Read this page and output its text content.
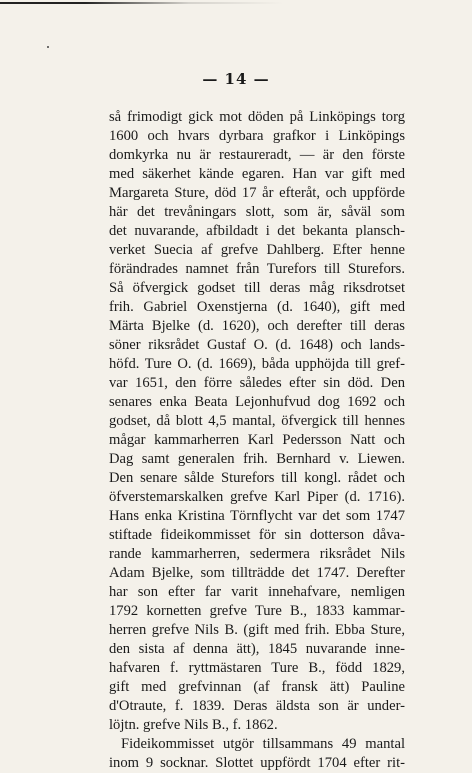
— 14 —
så frimodigt gick mot döden på Linköpings torg
1600 och hvars dyrbara grafkor i Linköpings
domkyrka nu är restaureradt, — är den förste
med säkerhet kände egaren. Han var gift med
Margareta Sture, död 17 år efteråt, och uppförde
här det trevåningars slott, som är, såväl som
det nuvarande, afbildadt i det bekanta plansch-
verket Suecia af grefve Dahlberg. Efter henne
förändrades namnet från Turefors till Sturefors.
Så öfvergick godset till deras måg riksdrotset
frih. Gabriel Oxenstjerna (d. 1640), gift med
Märta Bjelke (d. 1620), och derefter till deras
söner riksrådet Gustaf O. (d. 1648) och lands-
höfd. Ture O. (d. 1669), båda upphöjda till gref-
var 1651, den förre således efter sin död. Den
senares enka Beata Lejonhufvud dog 1692 och
godset, då blott 4,5 mantal, öfvergick till hennes
mågar kammarherren Karl Pedersson Natt och
Dag samt generalen frih. Bernhard v. Liewen.
Den senare sålde Sturefors till kongl. rådet och
öfverstemarskalken grefve Karl Piper (d. 1716).
Hans enka Kristina Törnflycht var det som 1747
stiftade fideikommisset för sin dotterson dåva-
rande kammarherren, sedermera riksrådet Nils
Adam Bjelke, som tillträdde det 1747. Derefter
har son efter far varit innehafvare, nemligen
1792 kornetten grefve Ture B., 1833 kammar-
herren grefve Nils B. (gift med frih. Ebba Sture,
den sista af denna ätt), 1845 nuvarande inne-
hafvaren f. ryttmästaren Ture B., född 1829,
gift med grefvinnan (af fransk ätt) Pauline
d'Otraute, f. 1839. Deras äldsta son är under-
löjtn. grefve Nils B., f. 1862.
Fideikommisset utgör tillsammans 49 mantal
inom 9 socknar. Slottet uppfördt 1704 efter rit-
